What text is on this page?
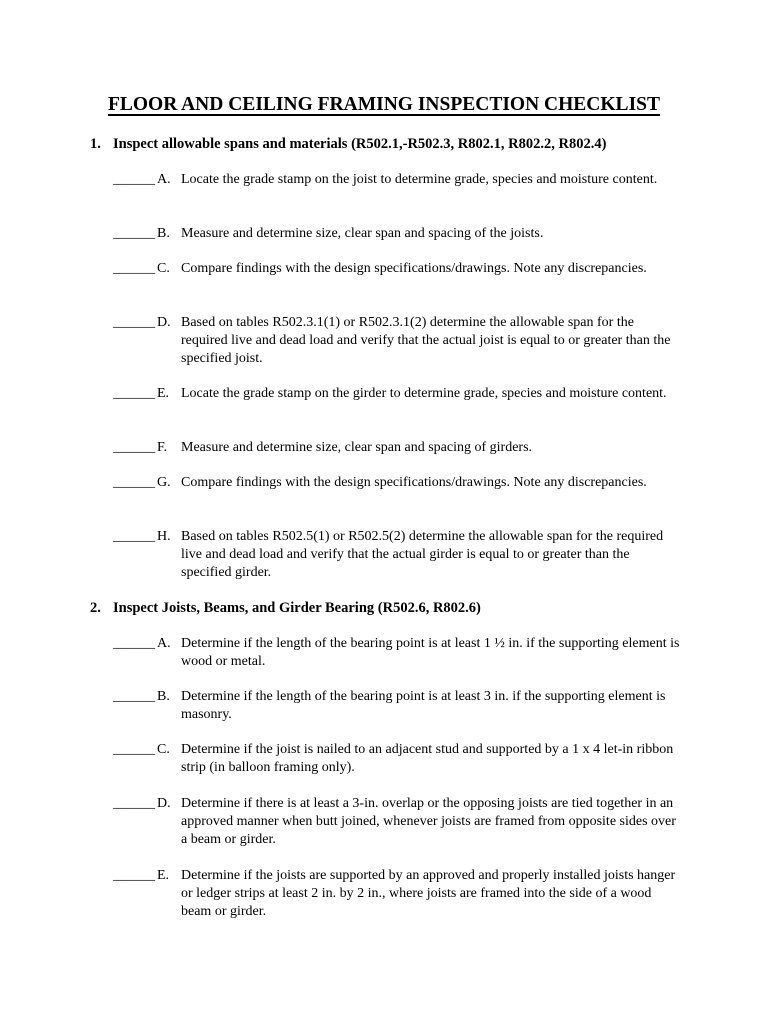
FLOOR AND CEILING FRAMING INSPECTION CHECKLIST
1. Inspect allowable spans and materials (R502.1,-R502.3, R802.1, R802.2, R802.4)
______ A. Locate the grade stamp on the joist to determine grade, species and moisture content.
______ B. Measure and determine size, clear span and spacing of the joists.
______ C. Compare findings with the design specifications/drawings. Note any discrepancies.
______ D. Based on tables R502.3.1(1) or R502.3.1(2) determine the allowable span for the required live and dead load and verify that the actual joist is equal to or greater than the specified joist.
______ E. Locate the grade stamp on the girder to determine grade, species and moisture content.
______ F. Measure and determine size, clear span and spacing of girders.
______ G. Compare findings with the design specifications/drawings. Note any discrepancies.
______ H. Based on tables R502.5(1) or R502.5(2) determine the allowable span for the required live and dead load and verify that the actual girder is equal to or greater than the specified girder.
2. Inspect Joists, Beams, and Girder Bearing (R502.6, R802.6)
______ A. Determine if the length of the bearing point is at least 1 ½ in. if the supporting element is wood or metal.
______ B. Determine if the length of the bearing point is at least 3 in. if the supporting element is masonry.
______ C. Determine if the joist is nailed to an adjacent stud and supported by a 1 x 4 let-in ribbon strip (in balloon framing only).
______ D. Determine if there is at least a 3-in. overlap or the opposing joists are tied together in an approved manner when butt joined, whenever joists are framed from opposite sides over a beam or girder.
______ E. Determine if the joists are supported by an approved and properly installed joists hanger or ledger strips at least 2 in. by 2 in., where joists are framed into the side of a wood beam or girder.
